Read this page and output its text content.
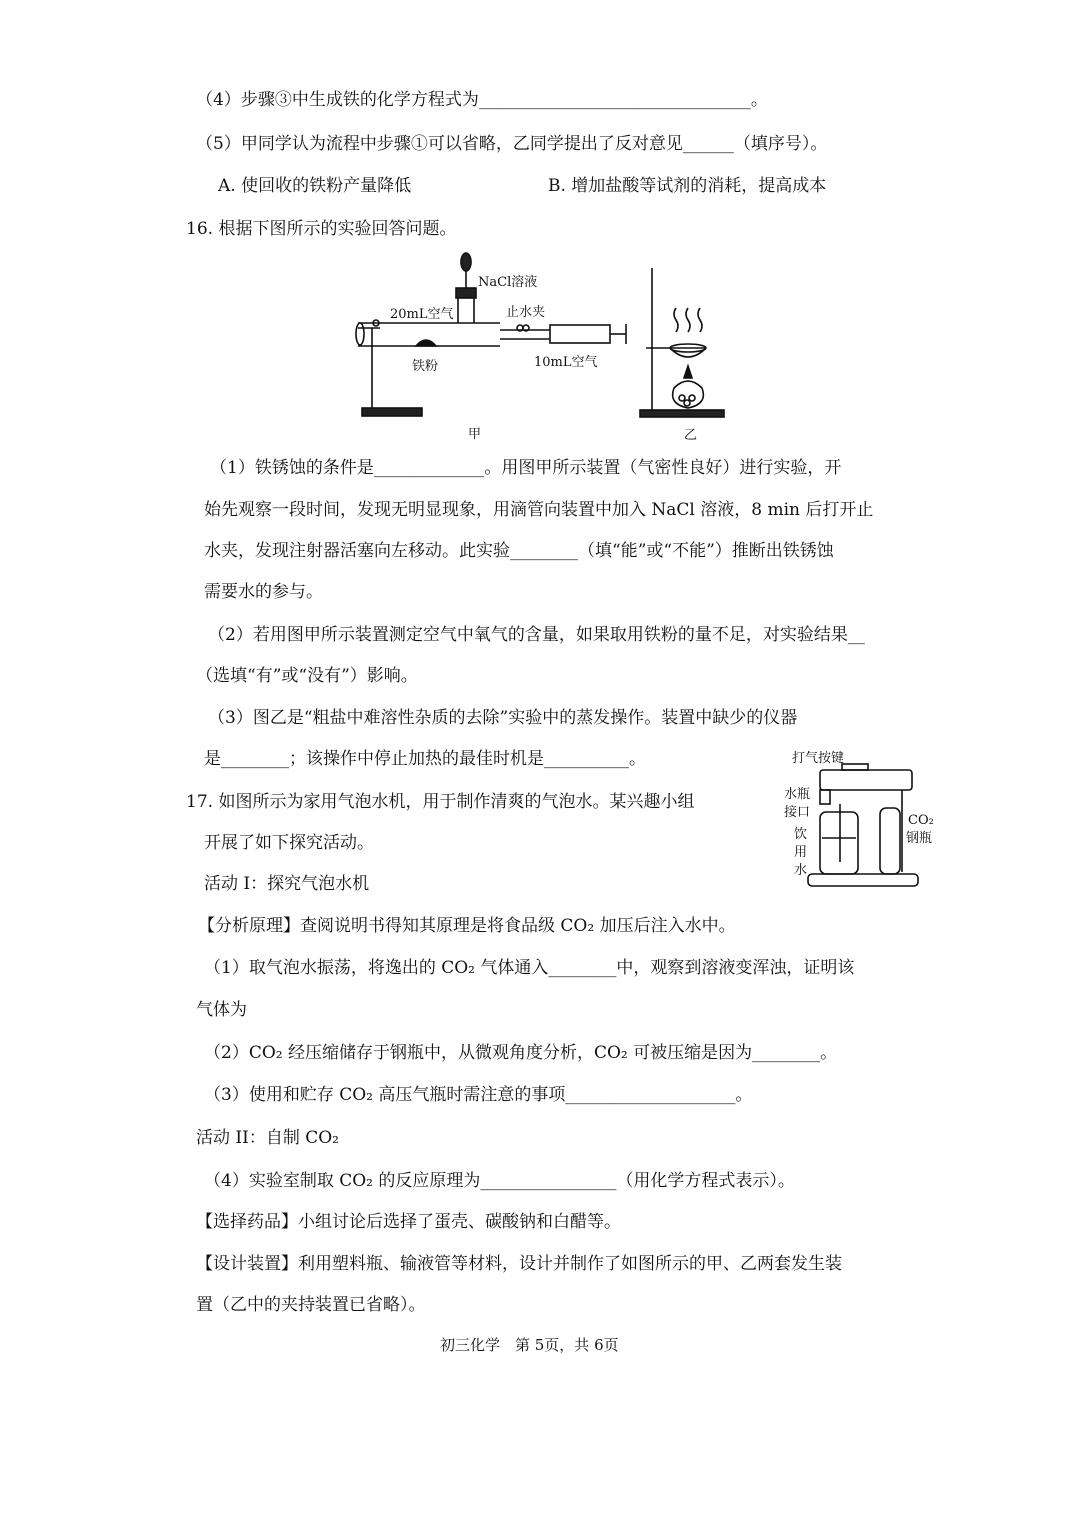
（4）步骤③中生成铁的化学方程式为________________________________。
（5）甲同学认为流程中步骤①可以省略，乙同学提出了反对意见______（填序号）。
A. 使回收的铁粉产量降低	B. 增加盐酸等试剂的消耗，提高成本
16. 根据下图所示的实验回答问题。
NaCl溶液
20mL空气	止水夹
铁粉	10mL空气
甲	乙
（1）铁锈蚀的条件是_____________。用图甲所示装置（气密性良好）进行实验，开
始先观察一段时间，发现无明显现象，用滴管向装置中加入 NaCl 溶液，8 min 后打开止
水夹，发现注射器活塞向左移动。此实验________（填“能”或“不能”）推断出铁锈蚀
需要水的参与。
（2）若用图甲所示装置测定空气中氧气的含量，如果取用铁粉的量不足，对实验结果__
（选填“有”或“没有”）影响。
（3）图乙是“粗盐中难溶性杂质的去除”实验中的蒸发操作。装置中缺少的仪器
是________；该操作中停止加热的最佳时机是__________。	打气按键
水瓶
接口
CO₂
钢瓶
饮
用
水
17. 如图所示为家用气泡水机，用于制作清爽的气泡水。某兴趣小组
开展了如下探究活动。
活动 I：探究气泡水机
【分析原理】查阅说明书得知其原理是将食品级 CO₂ 加压后注入水中。
（1）取气泡水振荡，将逸出的 CO₂ 气体通入________中，观察到溶液变浑浊，证明该
气体为
（2）CO₂ 经压缩储存于钢瓶中，从微观角度分析，CO₂ 可被压缩是因为________。
（3）使用和贮存 CO₂ 高压气瓶时需注意的事项____________________。
活动 II：自制 CO₂
（4）实验室制取 CO₂ 的反应原理为________________（用化学方程式表示）。
【选择药品】小组讨论后选择了蛋壳、碳酸钠和白醋等。
【设计装置】利用塑料瓶、输液管等材料，设计并制作了如图所示的甲、乙两套发生装
置（乙中的夹持装置已省略）。
初三化学　第 5页，共 6页
